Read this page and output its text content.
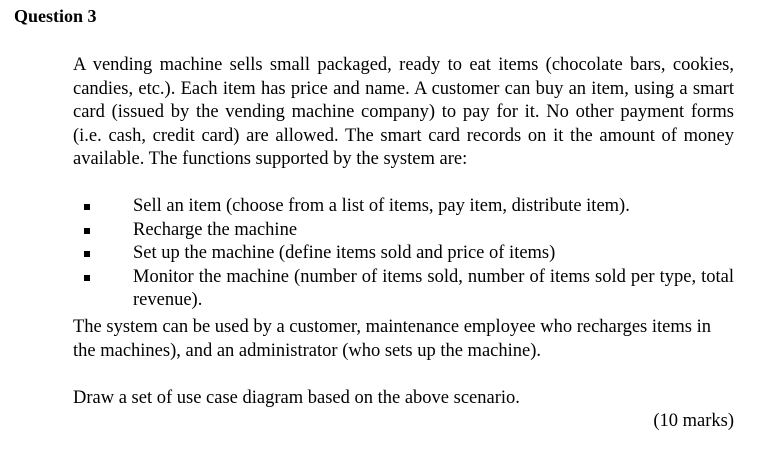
Question 3

A vending machine sells small packaged, ready to eat items (chocolate bars, cookies, candies, etc.). Each item has price and name. A customer can buy an item, using a smart card (issued by the vending machine company) to pay for it. No other payment forms (i.e. cash, credit card) are allowed. The smart card records on it the amount of money available. The functions supported by the system are:

Sell an item (choose from a list of items, pay item, distribute item).
Recharge the machine
Set up the machine (define items sold and price of items)
Monitor the machine (number of items sold, number of items sold per type, total revenue).

The system can be used by a customer, maintenance employee who recharges items in the machines), and an administrator (who sets up the machine).

Draw a set of use case diagram based on the above scenario.

(10 marks)
